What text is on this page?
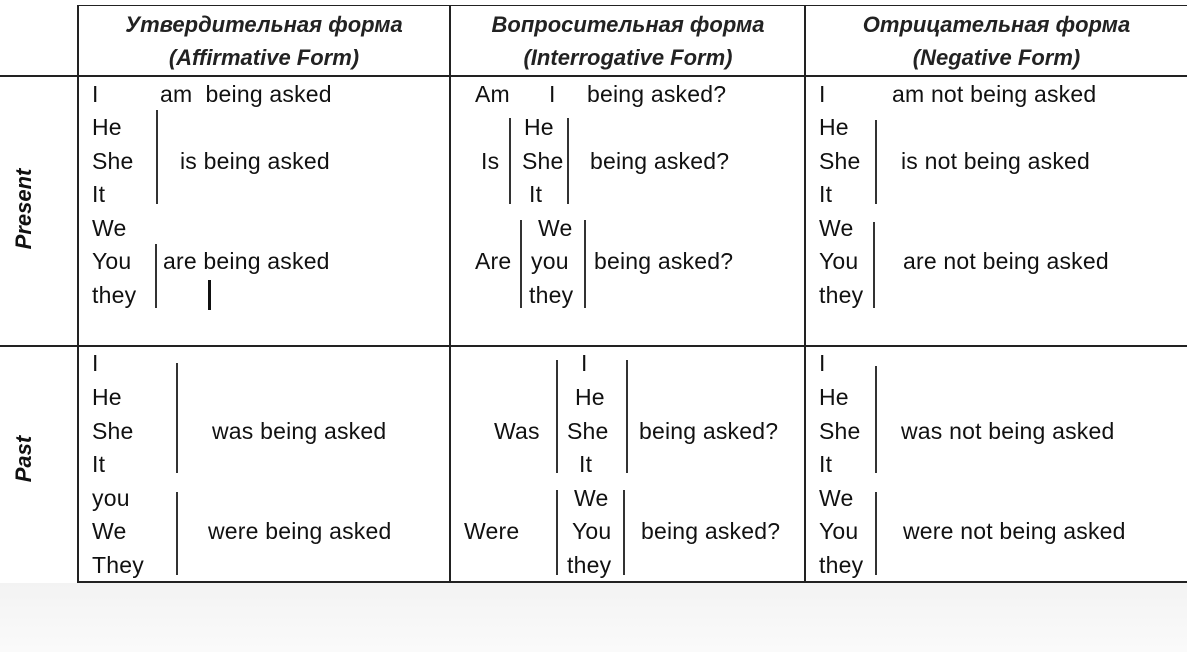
Утвердительная форма
(Affirmative Form)
Вопросительная форма
(Interrogative Form)
Отрицательная форма
(Negative Form)
Present
Past
I
He
She
It
We
You
they
am  being asked
is being asked
are being asked
Am I being asked?
Is
He
She
It
being asked?
Are
We
you
they
being asked?
I
He
She
It
We
You
they
am not being asked
is not being asked
are not being asked
I
He
She
It
you
We
They
was being asked
were being asked
Was
I
He
She
It
being asked?
Were
We
You
they
being asked?
I
He
She
It
We
You
they
was not being asked
were not being asked
